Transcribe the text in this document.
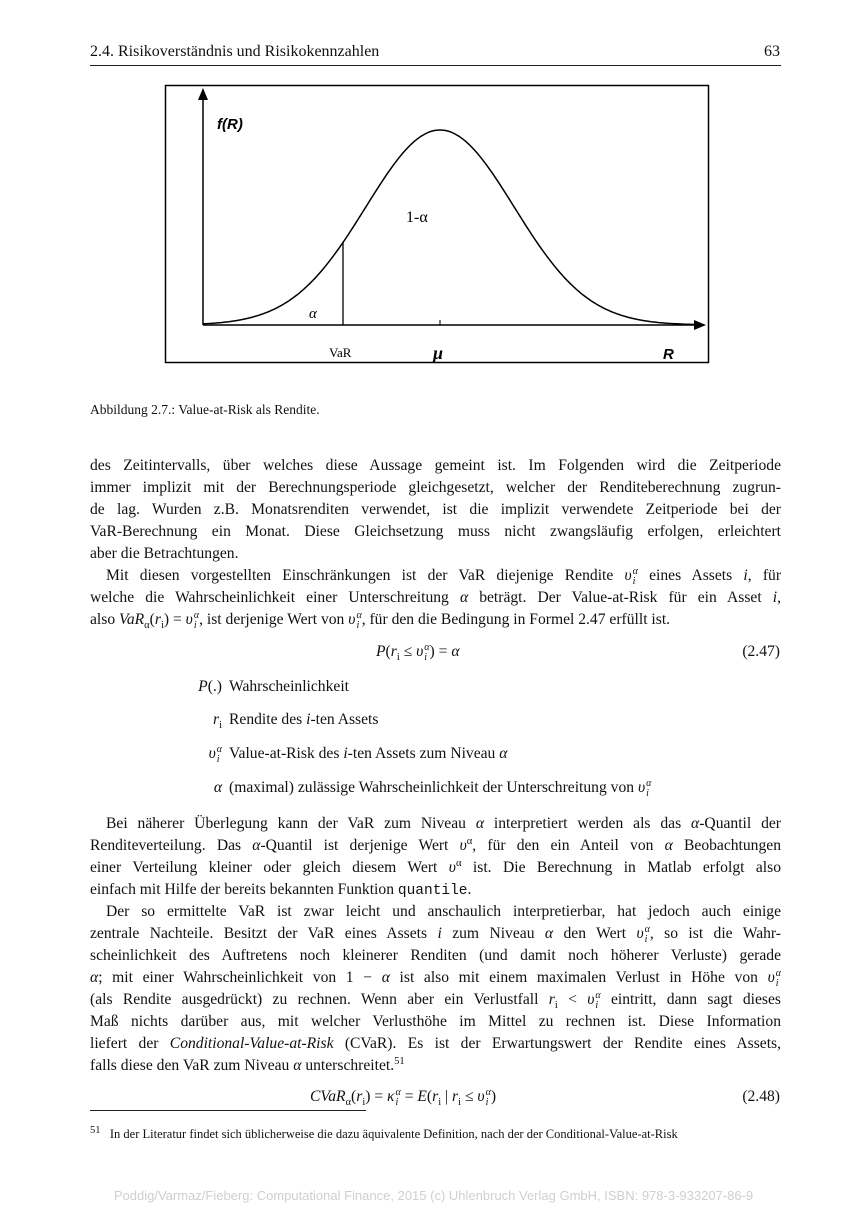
2.4. Risikoverständnis und Risikokennzahlen	63
f(R)
1-α
α
VaR	μ	R
Abbildung 2.7.: Value-at-Risk als Rendite.
des Zeitintervalls, über welches diese Aussage gemeint ist. Im Folgenden wird die Zeitperiode
immer implizit mit der Berechnungsperiode gleichgesetzt, welcher der Renditeberechnung zugrun-
de lag. Wurden z.B. Monatsrenditen verwendet, ist die implizit verwendete Zeitperiode bei der
VaR-Berechnung ein Monat. Diese Gleichsetzung muss nicht zwangsläufig erfolgen, erleichtert
aber die Betrachtungen.
Mit diesen vorgestellten Einschränkungen ist der VaR diejenige Rendite υ α
i eines Assets i, für
welche die Wahrscheinlichkeit einer Unterschreitung α beträgt. Der Value-at-Risk für ein Asset i,
also $VaR_\alpha(r_i) = \upsilon$ α
i , ist derjenige Wert von υ α
i , für den die Bedingung in Formel 2.47 erfüllt ist.
Bei näherer Überlegung kann der VaR zum Niveau α interpretiert werden als das α-Quantil der
Renditeverteilung. Das α-Quantil ist derjenige Wert $\upsilon^\alpha$, für den ein Anteil von α Beobachtungen
einer Verteilung kleiner oder gleich diesem Wert $\upsilon^\alpha$ ist. Die Berechnung in Matlab erfolgt also
einfach mit Hilfe der bereits bekannten Funktion quantile.
Der so ermittelte VaR ist zwar leicht und anschaulich interpretierbar, hat jedoch auch einige
zentrale Nachteile. Besitzt der VaR eines Assets i zum Niveau α den Wert υ α
i , so ist die Wahr-
scheinlichkeit des Auftretens noch kleinerer Renditen (und damit noch höherer Verluste) gerade
α; mit einer Wahrscheinlichkeit von 1 − α ist also mit einem maximalen Verlust in Höhe von υ α
i
(als Rendite ausgedrückt) zu rechnen. Wenn aber ein Verlustfall $r_i < \upsilon$ α
i eintritt, dann sagt dieses
Maß nichts darüber aus, mit welcher Verlusthöhe im Mittel zu rechnen ist. Diese Information
liefert der Conditional-Value-at-Risk (CVaR). Es ist der Erwartungswert der Rendite eines Assets,
falls diese den VaR zum Niveau α unterschreitet.$^{51}$
$P(r_i \le \upsilon$ α
i ) = α	(2.47)
$CVaR_\alpha(r_i) = \kappa$ α
$i = E(r_i$ | $r_i \le \upsilon$ α
i )	(2.48)
P(.) Wahrscheinlichkeit
$r_i$ Rendite des i-ten Assets
υ α
i Value-at-Risk des i-ten Assets zum Niveau α
α (maximal) zulässige Wahrscheinlichkeit der Unterschreitung von υ α
i
$^{51}$ In der Literatur findet sich üblicherweise die dazu äquivalente Definition, nach der der Conditional-Value-at-Risk
Poddig/Varmaz/Fieberg: Computational Finance, 2015 (c) Uhlenbruch Verlag GmbH, ISBN: 978-3-933207-86-9
